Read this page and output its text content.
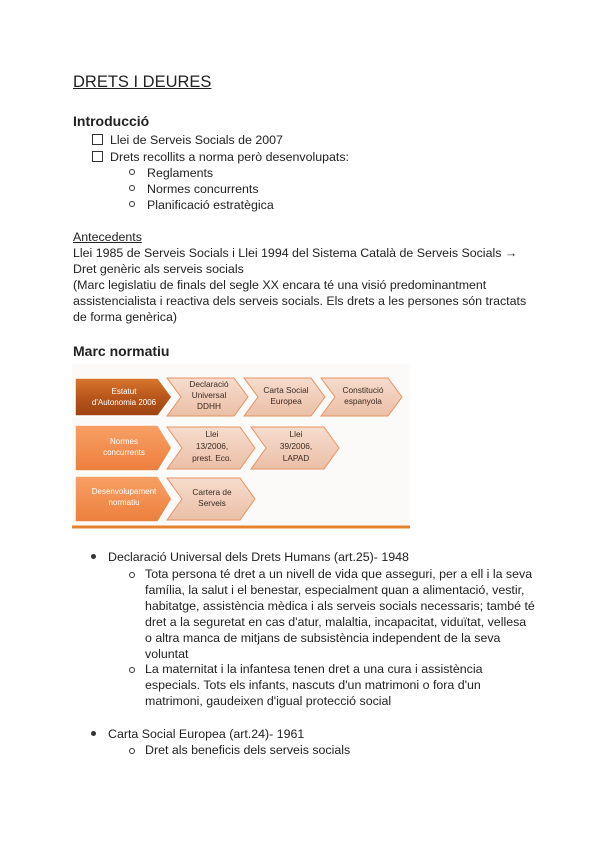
DRETS I DEURES
Introducció
Llei de Serveis Socials de 2007
Drets recollits a norma però desenvolupats:
Reglaments
Normes concurrents
Planificació estratègica
Antecedents
Llei 1985 de Serveis Socials i Llei 1994 del Sistema Català de Serveis Socials →
Dret genèric als serveis socials
(Marc legislatiu de finals del segle XX encara té una visió predominantment
assistencialista i reactiva dels serveis socials. Els drets a les persones són tractats
de forma genèrica)
Marc normatiu
Estatut
d'Autonomia 2006
Declaració
Universal
DDHH
Carta Social
Europea
Constitució
espanyola
Normes
concurrents
Llei
13/2006,
prest. Eco.
Llei
39/2006,
LAPAD
Desenvolupament
normatiu
Cartera de
Serveis
Declaració Universal dels Drets Humans (art.25)- 1948
Tota persona té dret a un nivell de vida que asseguri, per a ell i la seva
família, la salut i el benestar, especialment quan a alimentació, vestir,
habitatge, assistència mèdica i als serveis socials necessaris; també té
dret a la seguretat en cas d'atur, malaltia, incapacitat, viduïtat, vellesa
o altra manca de mitjans de subsistència independent de la seva
voluntat
La maternitat i la infantesa tenen dret a una cura i assistència
especials. Tots els infants, nascuts d'un matrimoni o fora d'un
matrimoni, gaudeixen d'igual protecció social
Carta Social Europea (art.24)- 1961
Dret als beneficis dels serveis socials
